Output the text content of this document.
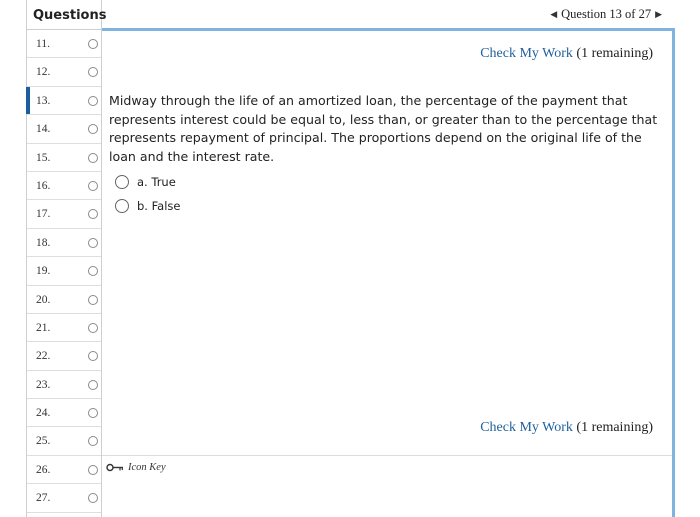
Questions
11.
12.
13.
14.
15.
16.
17.
18.
19.
20.
21.
22.
23.
24.
25.
26.
27.
◀ Question 13 of 27 ▶
Check My Work (1 remaining)
Midway through the life of an amortized loan, the percentage of the payment that represents interest could be equal to, less than, or greater than to the percentage that represents repayment of principal. The proportions depend on the original life of the loan and the interest rate.
a. True
b. False
Check My Work (1 remaining)
Icon Key
